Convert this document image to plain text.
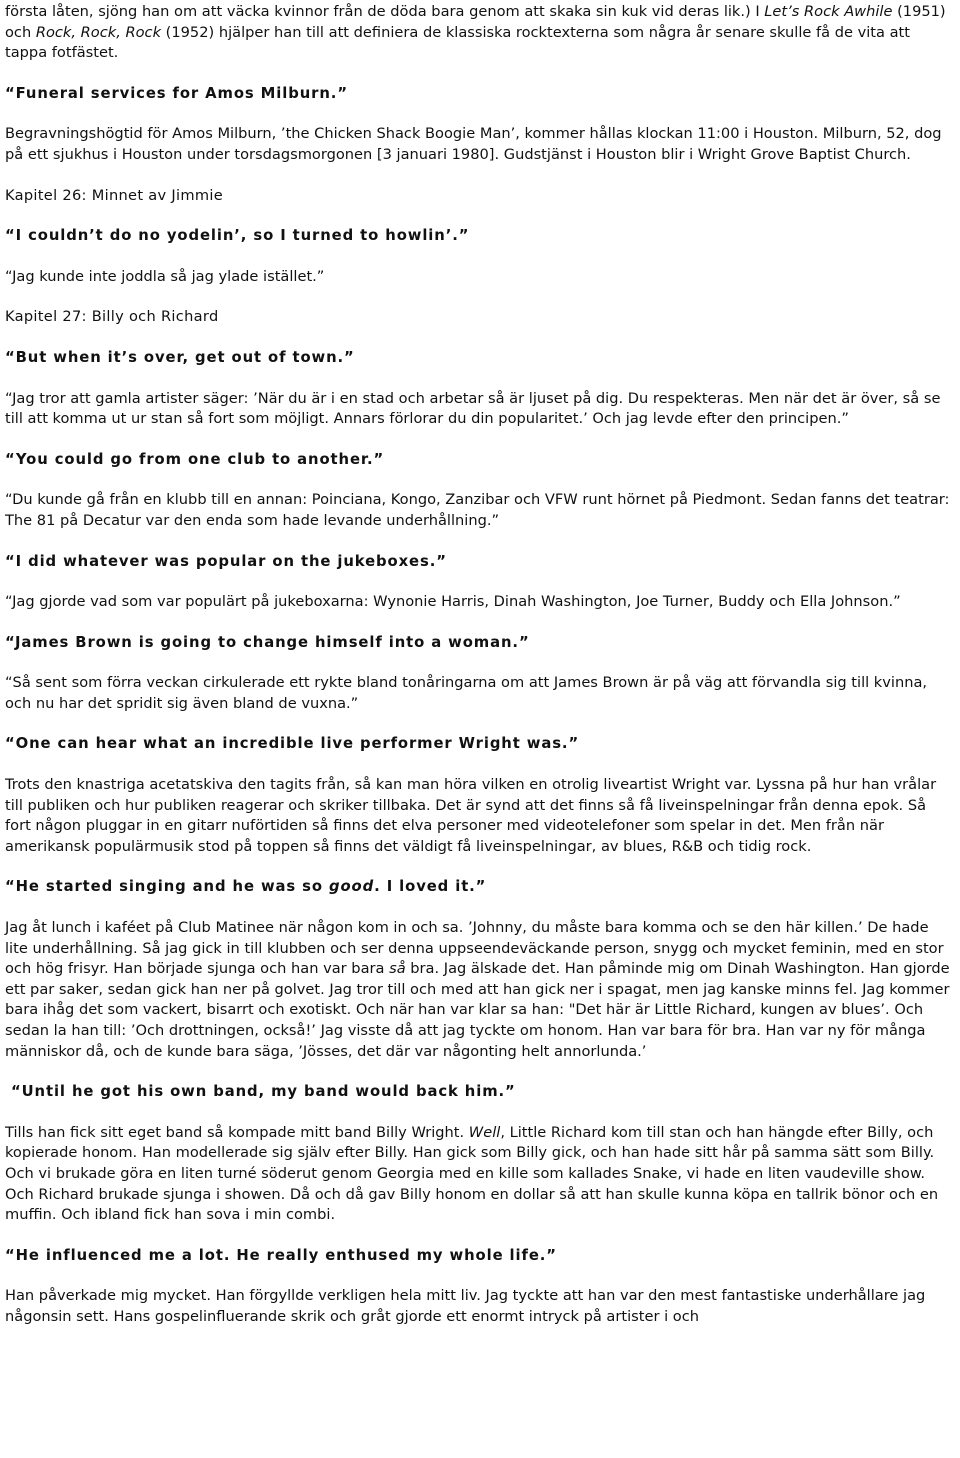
första låten, sjöng han om att väcka kvinnor från de döda bara genom att skaka sin kuk vid deras lik.) I Let’s Rock Awhile (1951) och Rock, Rock, Rock (1952) hjälper han till att definiera de klassiska rocktexterna som några år senare skulle få de vita att tappa fotfästet.

“Funeral services for Amos Milburn.”

Begravningshögtid för Amos Milburn, ’the Chicken Shack Boogie Man’, kommer hållas klockan 11:00 i Houston. Milburn, 52, dog på ett sjukhus i Houston under torsdagsmorgonen [3 januari 1980]. Gudstjänst i Houston blir i Wright Grove Baptist Church.

Kapitel 26: Minnet av Jimmie

“I couldn’t do no yodelin’, so I turned to howlin’.”

“Jag kunde inte joddla så jag ylade istället.”

Kapitel 27: Billy och Richard

“But when it’s over, get out of town.”

“Jag tror att gamla artister säger: ’När du är i en stad och arbetar så är ljuset på dig. Du respekteras. Men när det är över, så se till att komma ut ur stan så fort som möjligt. Annars förlorar du din popularitet.’ Och jag levde efter den principen.”

“You could go from one club to another.”

“Du kunde gå från en klubb till en annan: Poinciana, Kongo, Zanzibar och VFW runt hörnet på Piedmont. Sedan fanns det teatrar: The 81 på Decatur var den enda som hade levande underhållning.”

“I did whatever was popular on the jukeboxes.”

“Jag gjorde vad som var populärt på jukeboxarna: Wynonie Harris, Dinah Washington, Joe Turner, Buddy och Ella Johnson.”

“James Brown is going to change himself into a woman.”

“Så sent som förra veckan cirkulerade ett rykte bland tonåringarna om att James Brown är på väg att förvandla sig till kvinna, och nu har det spridit sig även bland de vuxna.”

“One can hear what an incredible live performer Wright was.”

Trots den knastriga acetatskiva den tagits från, så kan man höra vilken en otrolig liveartist Wright var. Lyssna på hur han vrålar till publiken och hur publiken reagerar och skriker tillbaka. Det är synd att det finns så få liveinspelningar från denna epok. Så fort någon pluggar in en gitarr nuförtiden så finns det elva personer med videotelefoner som spelar in det. Men från när amerikansk populärmusik stod på toppen så finns det väldigt få liveinspelningar, av blues, R&B och tidig rock.

“He started singing and he was so good. I loved it.”

Jag åt lunch i kaféet på Club Matinee när någon kom in och sa. ’Johnny, du måste bara komma och se den här killen.’ De hade lite underhållning. Så jag gick in till klubben och ser denna uppseendeväckande person, snygg och mycket feminin, med en stor och hög frisyr. Han började sjunga och han var bara så bra. Jag älskade det. Han påminde mig om Dinah Washington. Han gjorde ett par saker, sedan gick han ner på golvet. Jag tror till och med att han gick ner i spagat, men jag kanske minns fel. Jag kommer bara ihåg det som vackert, bisarrt och exotiskt. Och när han var klar sa han: "Det här är Little Richard, kungen av blues’. Och sedan la han till: ’Och drottningen, också!’ Jag visste då att jag tyckte om honom. Han var bara för bra. Han var ny för många människor då, och de kunde bara säga, ’Jösses, det där var någonting helt annorlunda.’

“Until he got his own band, my band would back him.”

Tills han fick sitt eget band så kompade mitt band Billy Wright. Well, Little Richard kom till stan och han hängde efter Billy, och kopierade honom. Han modellerade sig själv efter Billy. Han gick som Billy gick, och han hade sitt hår på samma sätt som Billy. Och vi brukade göra en liten turné söderut genom Georgia med en kille som kallades Snake, vi hade en liten vaudeville show. Och Richard brukade sjunga i showen. Då och då gav Billy honom en dollar så att han skulle kunna köpa en tallrik bönor och en muffin. Och ibland fick han sova i min combi.

“He influenced me a lot. He really enthused my whole life.”

Han påverkade mig mycket. Han förgyllde verkligen hela mitt liv. Jag tyckte att han var den mest fantastiske underhållare jag någonsin sett. Hans gospelinfluerande skrik och gråt gjorde ett enormt intryck på artister i och
